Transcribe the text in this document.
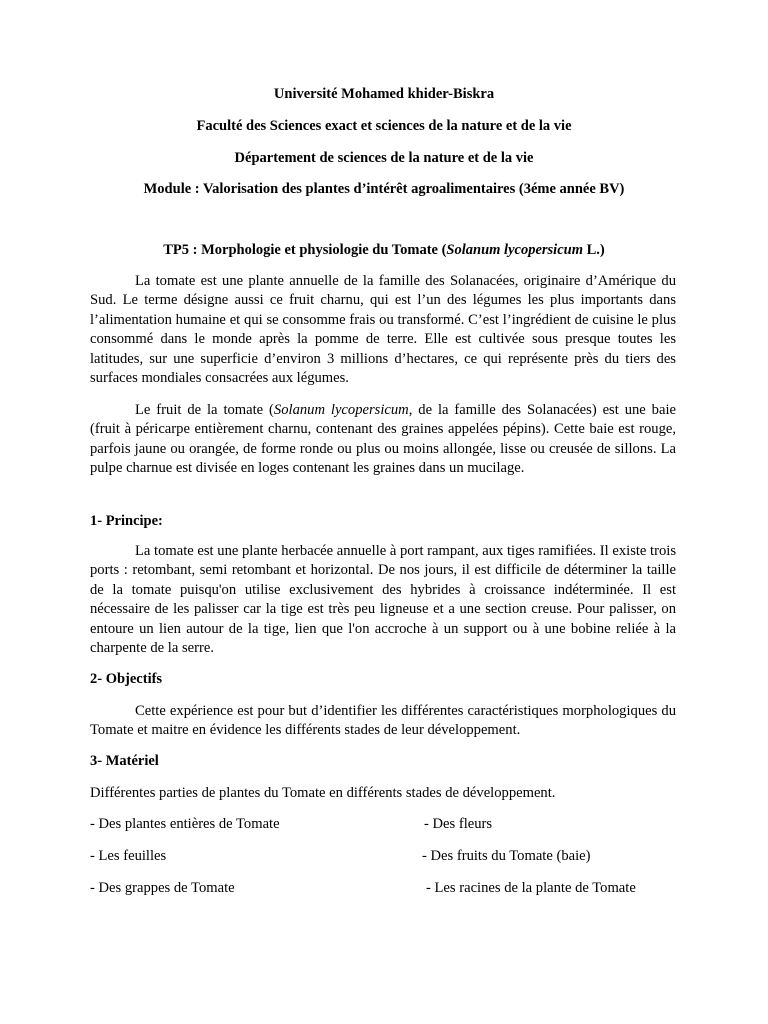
Université Mohamed khider-Biskra
Faculté des Sciences exact et sciences de la nature et de la vie
Département de sciences de la nature et de la vie
Module : Valorisation des plantes d’intérêt agroalimentaires (3éme année BV)
TP5 : Morphologie et physiologie du Tomate (Solanum lycopersicum L.)
La tomate est une plante annuelle de la famille des Solanacées, originaire d’Amérique du Sud. Le terme désigne aussi ce fruit charnu, qui est l’un des légumes les plus importants dans l’alimentation humaine et qui se consomme frais ou transformé. C’est l’ingrédient de cuisine le plus consommé dans le monde après la pomme de terre. Elle est cultivée sous presque toutes les latitudes, sur une superficie d’environ 3 millions d’hectares, ce qui représente près du tiers des surfaces mondiales consacrées aux légumes.
Le fruit de la tomate (Solanum lycopersicum, de la famille des Solanacées) est une baie (fruit à péricarpe entièrement charnu, contenant des graines appelées pépins). Cette baie est rouge, parfois jaune ou orangée, de forme ronde ou plus ou moins allongée, lisse ou creusée de sillons. La pulpe charnue est divisée en loges contenant les graines dans un mucilage.
1- Principe:
La tomate est une plante herbacée annuelle à port rampant, aux tiges ramifiées. Il existe trois ports : retombant, semi retombant et horizontal. De nos jours, il est difficile de déterminer la taille de la tomate puisqu'on utilise exclusivement des hybrides à croissance indéterminée. Il est nécessaire de les palisser car la tige est très peu ligneuse et a une section creuse. Pour palisser, on entoure un lien autour de la tige, lien que l'on accroche à un support ou à une bobine reliée à la charpente de la serre.
2- Objectifs
Cette expérience est pour but d’identifier les différentes caractéristiques morphologiques du Tomate et maitre en évidence les différents stades de leur développement.
3- Matériel
Différentes parties de plantes du Tomate en différents stades de développement.
- Des plantes entières de Tomate	- Des fleurs
- Les feuilles	- Des fruits du Tomate (baie)
- Des grappes de Tomate	- Les racines de la plante de Tomate
